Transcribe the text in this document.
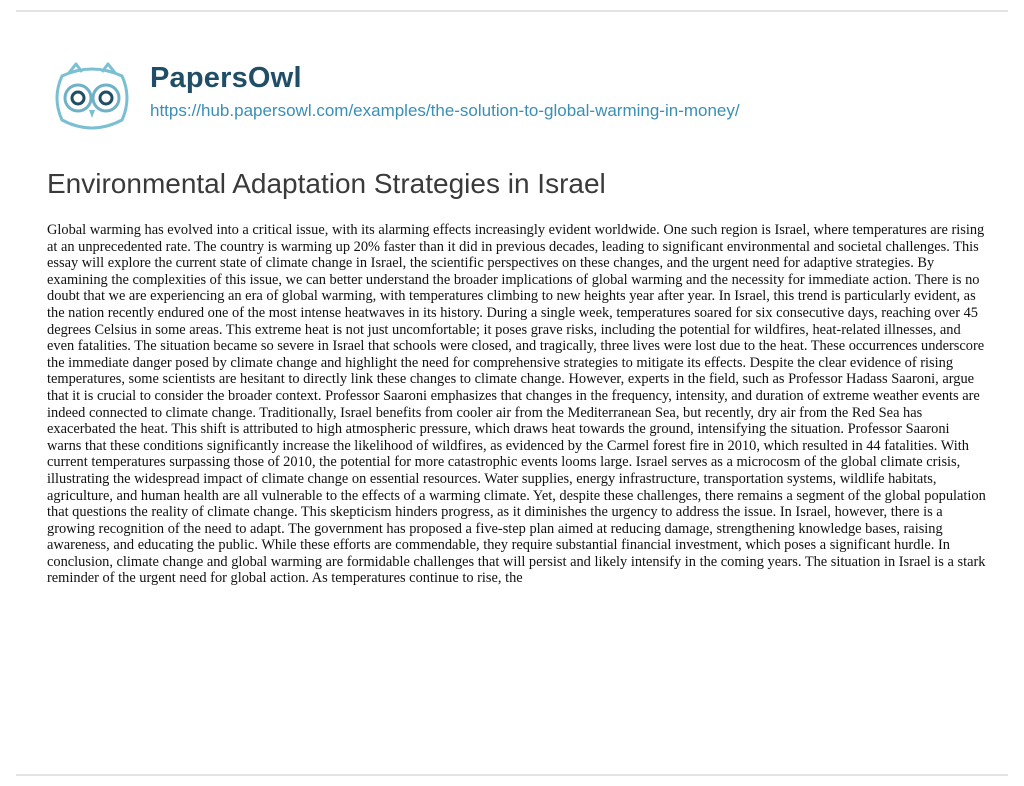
PapersOwl
https://hub.papersowl.com/examples/the-solution-to-global-warming-in-money/
Environmental Adaptation Strategies in Israel

Global warming has evolved into a critical issue, with its alarming effects increasingly evident worldwide. One such region is Israel, where temperatures are rising at an unprecedented rate. The country is warming up 20% faster than it did in previous decades, leading to significant environmental and societal challenges. This essay will explore the current state of climate change in Israel, the scientific perspectives on these changes, and the urgent need for adaptive strategies. By examining the complexities of this issue, we can better understand the broader implications of global warming and the necessity for immediate action. There is no doubt that we are experiencing an era of global warming, with temperatures climbing to new heights year after year. In Israel, this trend is particularly evident, as the nation recently endured one of the most intense heatwaves in its history. During a single week, temperatures soared for six consecutive days, reaching over 45 degrees Celsius in some areas. This extreme heat is not just uncomfortable; it poses grave risks, including the potential for wildfires, heat-related illnesses, and even fatalities. The situation became so severe in Israel that schools were closed, and tragically, three lives were lost due to the heat. These occurrences underscore the immediate danger posed by climate change and highlight the need for comprehensive strategies to mitigate its effects. Despite the clear evidence of rising temperatures, some scientists are hesitant to directly link these changes to climate change. However, experts in the field, such as Professor Hadass Saaroni, argue that it is crucial to consider the broader context. Professor Saaroni emphasizes that changes in the frequency, intensity, and duration of extreme weather events are indeed connected to climate change. Traditionally, Israel benefits from cooler air from the Mediterranean Sea, but recently, dry air from the Red Sea has exacerbated the heat. This shift is attributed to high atmospheric pressure, which draws heat towards the ground, intensifying the situation. Professor Saaroni warns that these conditions significantly increase the likelihood of wildfires, as evidenced by the Carmel forest fire in 2010, which resulted in 44 fatalities. With current temperatures surpassing those of 2010, the potential for more catastrophic events looms large. Israel serves as a microcosm of the global climate crisis, illustrating the widespread impact of climate change on essential resources. Water supplies, energy infrastructure, transportation systems, wildlife habitats, agriculture, and human health are all vulnerable to the effects of a warming climate. Yet, despite these challenges, there remains a segment of the global population that questions the reality of climate change. This skepticism hinders progress, as it diminishes the urgency to address the issue. In Israel, however, there is a growing recognition of the need to adapt. The government has proposed a five-step plan aimed at reducing damage, strengthening knowledge bases, raising awareness, and educating the public. While these efforts are commendable, they require substantial financial investment, which poses a significant hurdle. In conclusion, climate change and global warming are formidable challenges that will persist and likely intensify in the coming years. The situation in Israel is a stark reminder of the urgent need for global action. As temperatures continue to rise, the
